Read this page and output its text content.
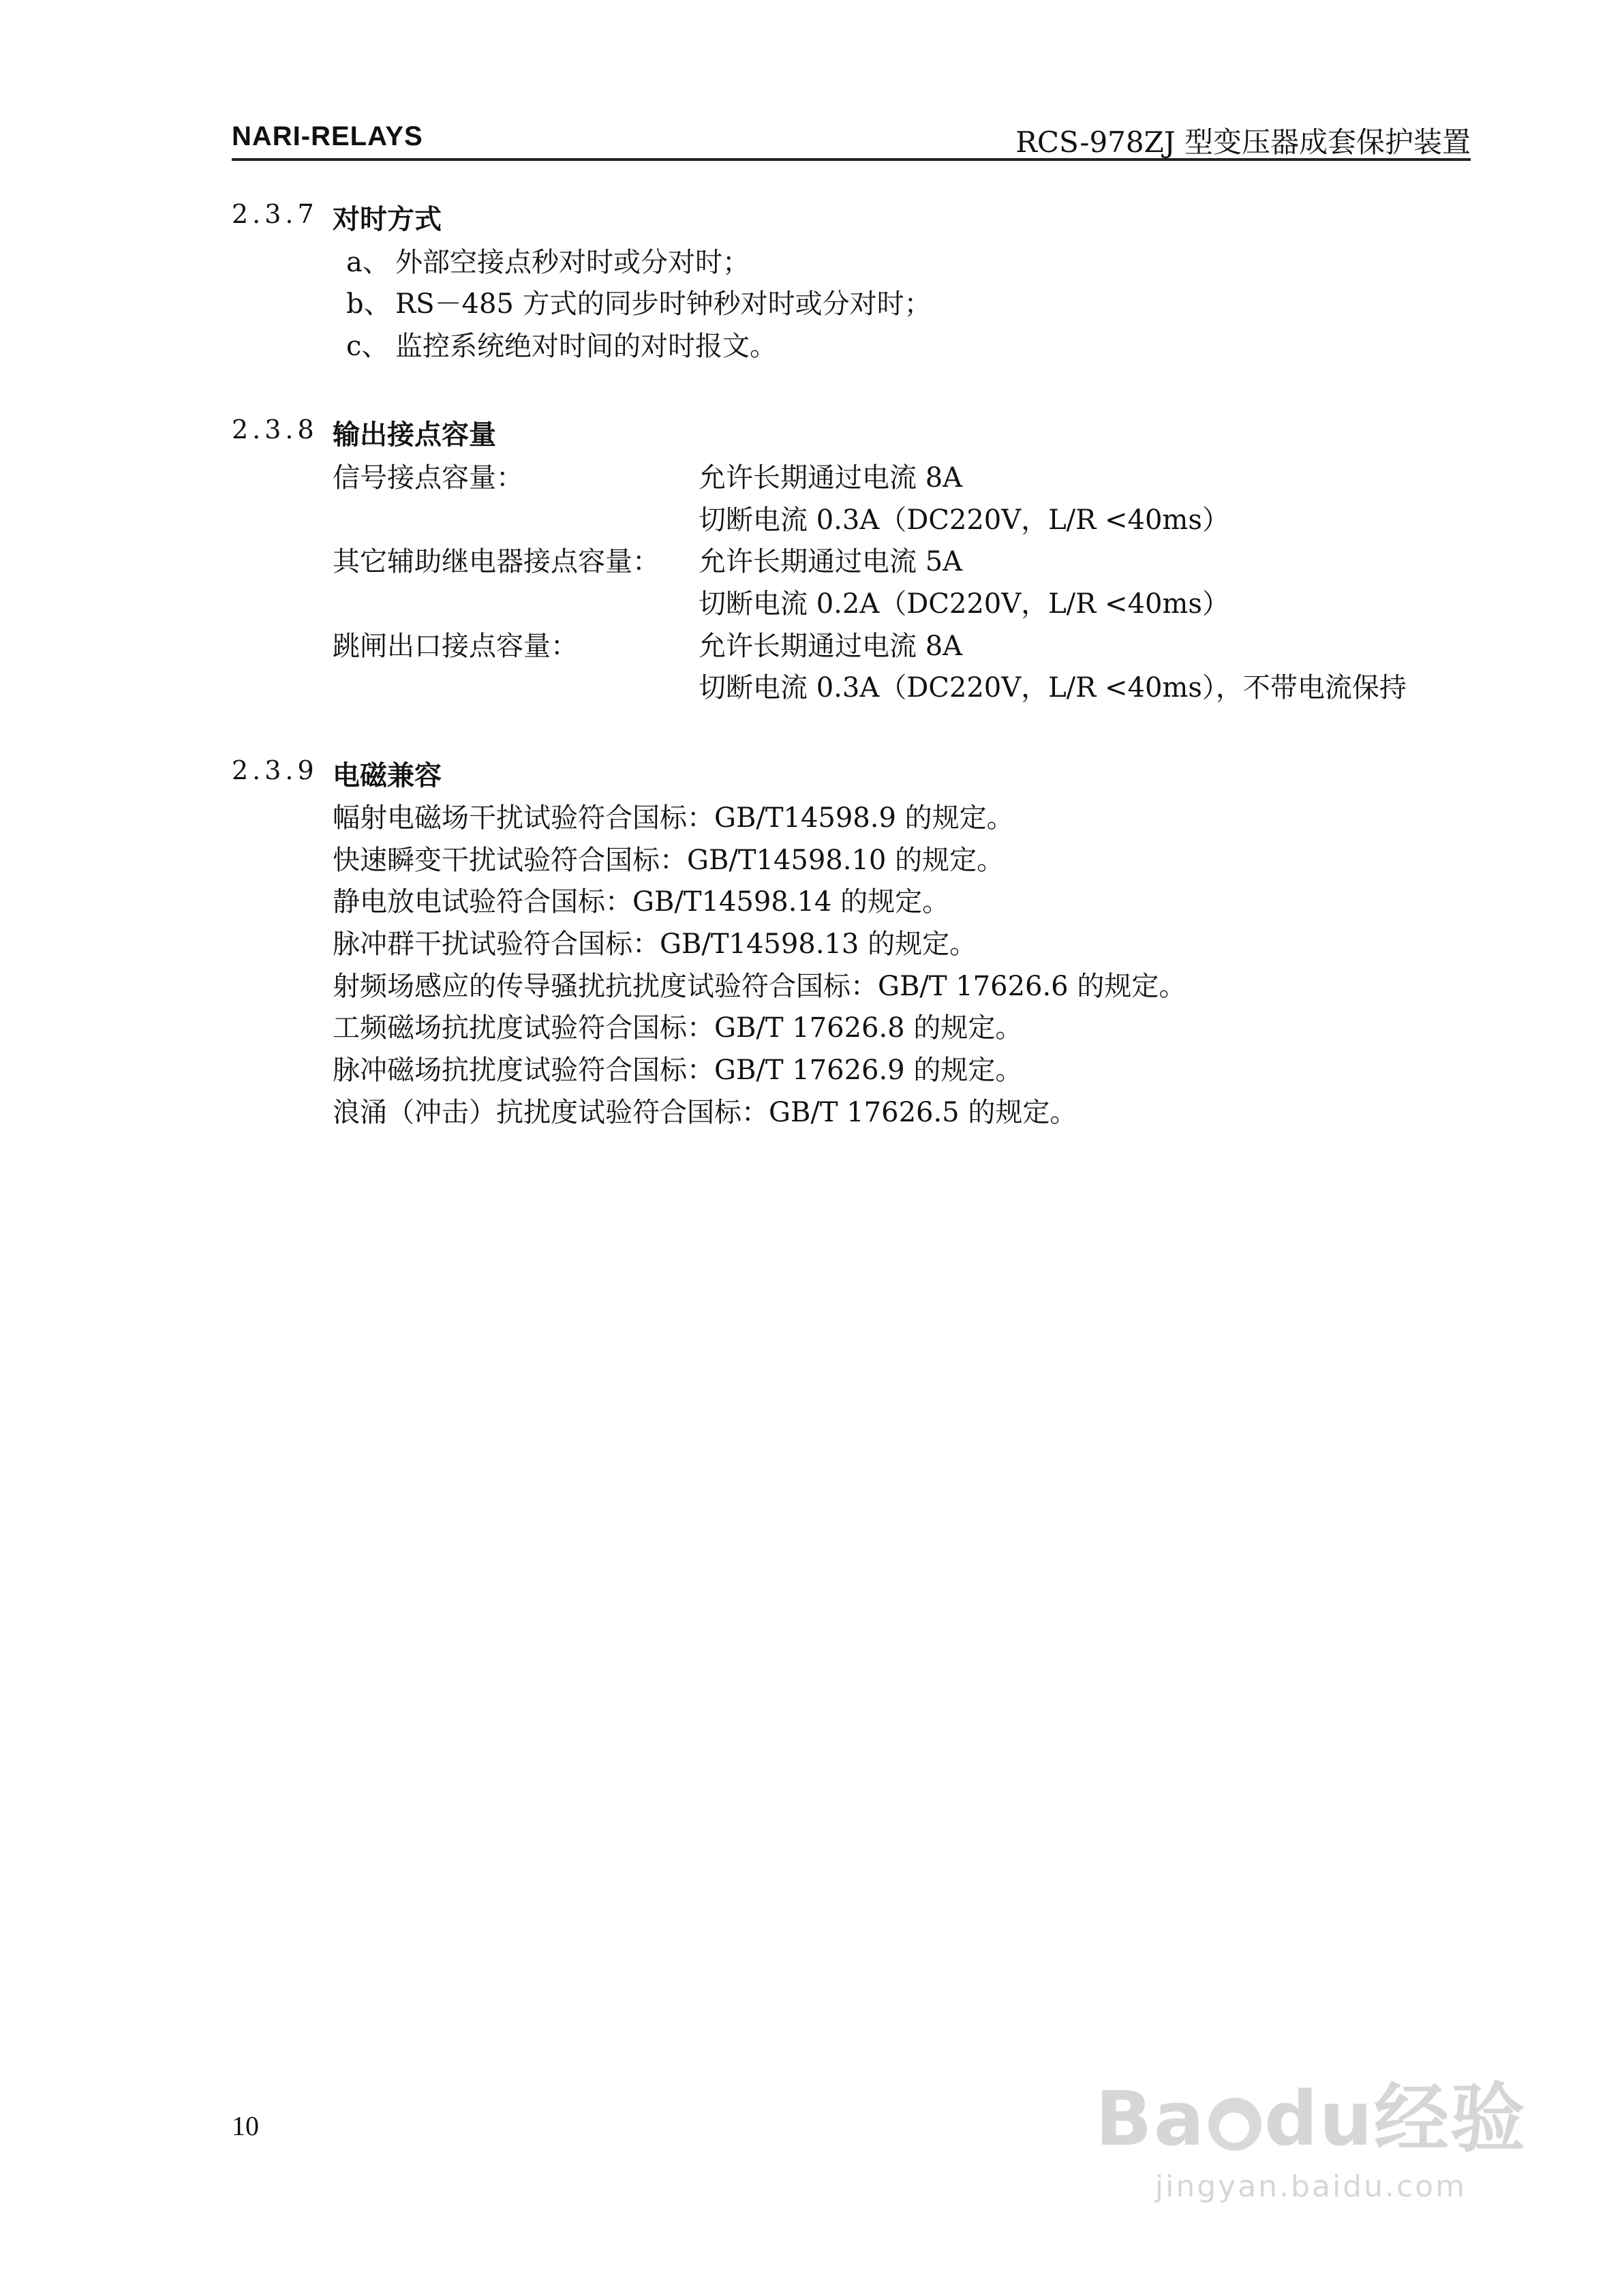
NARI-RELAYS	RCS-978ZJ 型变压器成套保护装置
2.3.7 对时方式
a、 外部空接点秒对时或分对时；
b、 RS－485 方式的同步时钟秒对时或分对时；
c、 监控系统绝对时间的对时报文。
2.3.8 输出接点容量
信号接点容量：	允许长期通过电流 8A
切断电流 0.3A（DC220V，L/R <40ms）
其它辅助继电器接点容量： 允许长期通过电流 5A
切断电流 0.2A（DC220V，L/R <40ms）
跳闸出口接点容量：	允许长期通过电流 8A
切断电流 0.3A（DC220V，L/R <40ms），不带电流保持
2.3.9 电磁兼容
幅射电磁场干扰试验符合国标：GB/T14598.9 的规定。
快速瞬变干扰试验符合国标：GB/T14598.10 的规定。
静电放电试验符合国标：GB/T14598.14 的规定。
脉冲群干扰试验符合国标：GB/T14598.13 的规定。
射频场感应的传导骚扰抗扰度试验符合国标：GB/T 17626.6 的规定。
工频磁场抗扰度试验符合国标：GB/T 17626.8 的规定。
脉冲磁场抗扰度试验符合国标：GB/T 17626.9 的规定。
浪涌（冲击）抗扰度试验符合国标：GB/T 17626.5 的规定。
10	Ba ● du经验
jingyan.baidu.com
